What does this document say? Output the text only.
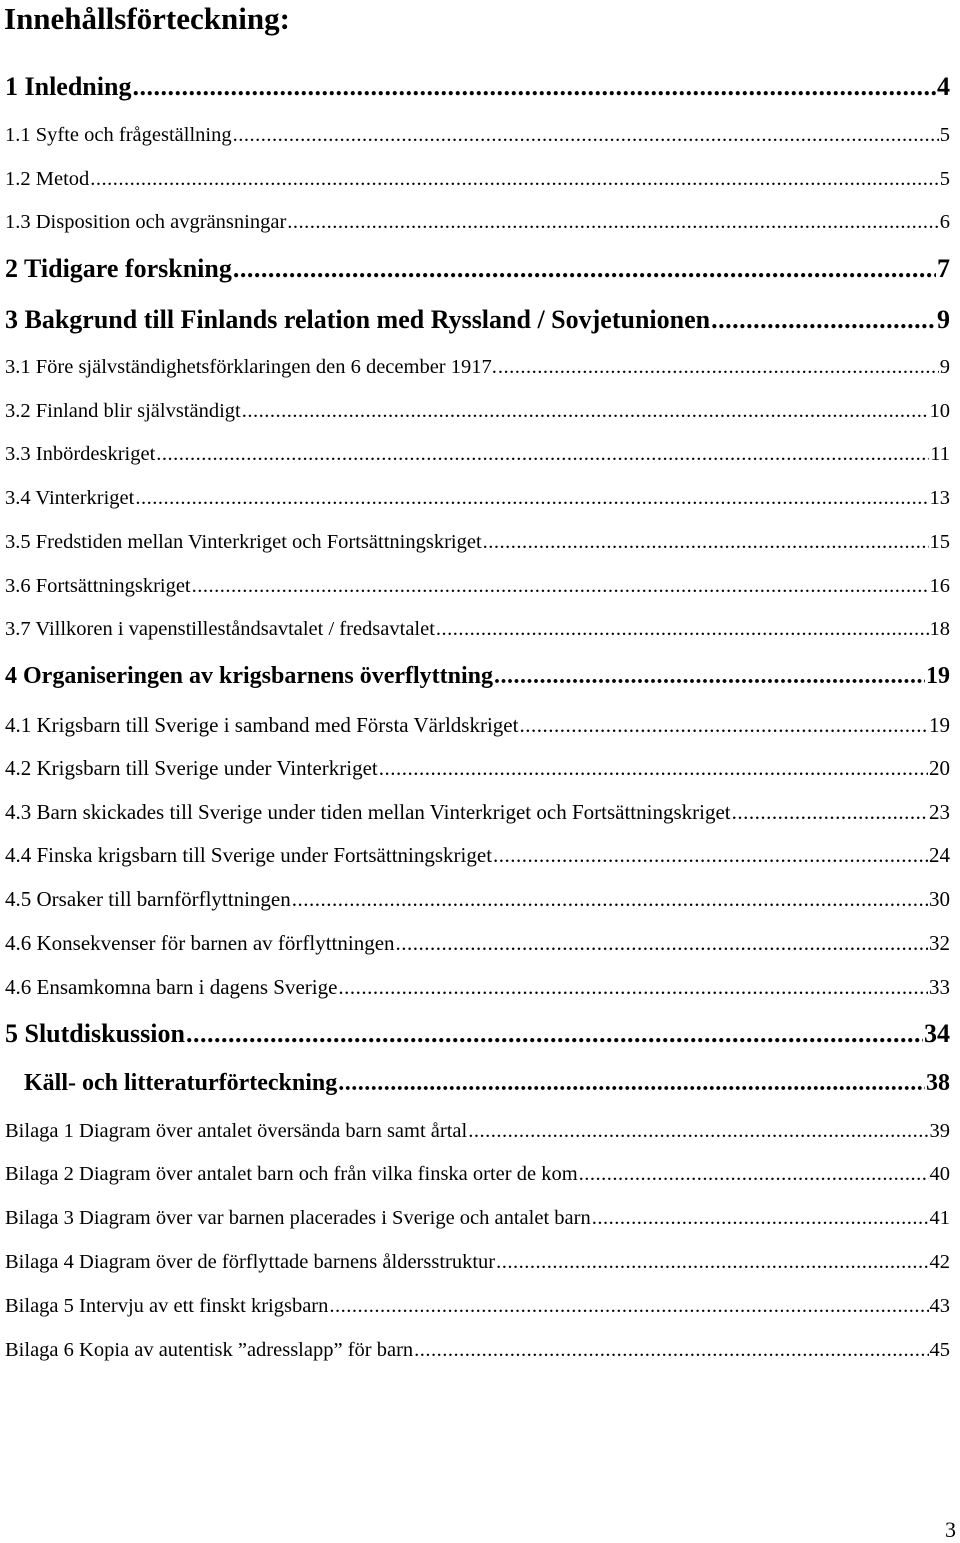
Innehållsförteckning:
1 Inledning .....	4
1.1 Syfte och frågeställning .....	5
1.2 Metod .....	5
1.3 Disposition och avgränsningar .....	6
2 Tidigare forskning .....	7
3 Bakgrund till Finlands relation med Ryssland / Sovjetunionen .....	9
3.1 Före självständighetsförklaringen den 6 december 1917. .....	9
3.2 Finland blir självständigt .....	10
3.3 Inbördeskriget .....	11
3.4 Vinterkriget .....	13
3.5 Fredstiden mellan Vinterkriget och Fortsättningskriget .....	15
3.6 Fortsättningskriget .....	16
3.7 Villkoren i vapenstilleståndsavtalet / fredsavtalet .....	18
4 Organiseringen av krigsbarnens överflyttning .....	19
4.1 Krigsbarn till Sverige i samband med Första Världskriget .....	19
4.2 Krigsbarn till Sverige under Vinterkriget .....	20
4.3 Barn skickades till Sverige under tiden mellan Vinterkriget och Fortsättningskriget .....	23
4.4 Finska krigsbarn till Sverige under Fortsättningskriget .....	24
4.5 Orsaker till barnförflyttningen .....	30
4.6 Konsekvenser för barnen av förflyttningen .....	32
4.6 Ensamkomna barn i dagens Sverige .....	33
5 Slutdiskussion .....	34
Käll- och litteraturförteckning .....	38
Bilaga 1 Diagram över antalet översända barn samt årtal .....	39
Bilaga 2 Diagram över antalet barn och från vilka finska orter de kom .....	40
Bilaga 3 Diagram över var barnen placerades i Sverige och antalet barn .....	41
Bilaga 4 Diagram över de förflyttade barnens åldersstruktur .....	42
Bilaga 5 Intervju av ett finskt krigsbarn .....	43
Bilaga 6 Kopia av autentisk ”adresslapp” för barn .....	45
3
